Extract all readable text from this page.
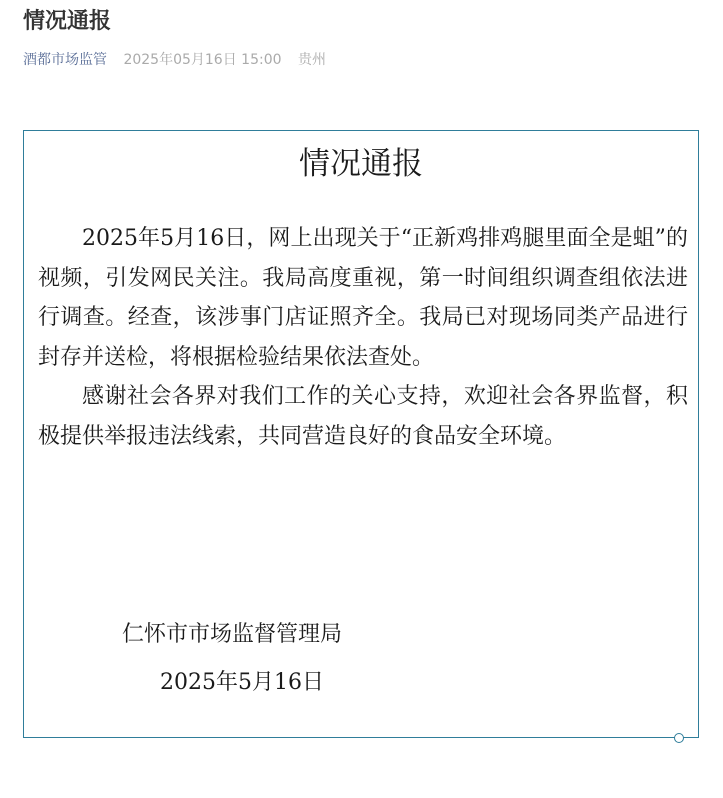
情况通报
酒都市场监管 2025年05月16日 15:00 贵州
情况通报

2025年5月16日，网上出现关于“正新鸡排鸡腿里面全是蛆”的视频，引发网民关注。我局高度重视，第一时间组织调查组依法进行调查。经查，该涉事门店证照齐全。我局已对现场同类产品进行封存并送检，将根据检验结果依法查处。

感谢社会各界对我们工作的关心支持，欢迎社会各界监督，积极提供举报违法线索，共同营造良好的食品安全环境。

仁怀市市场监督管理局
2025年5月16日
